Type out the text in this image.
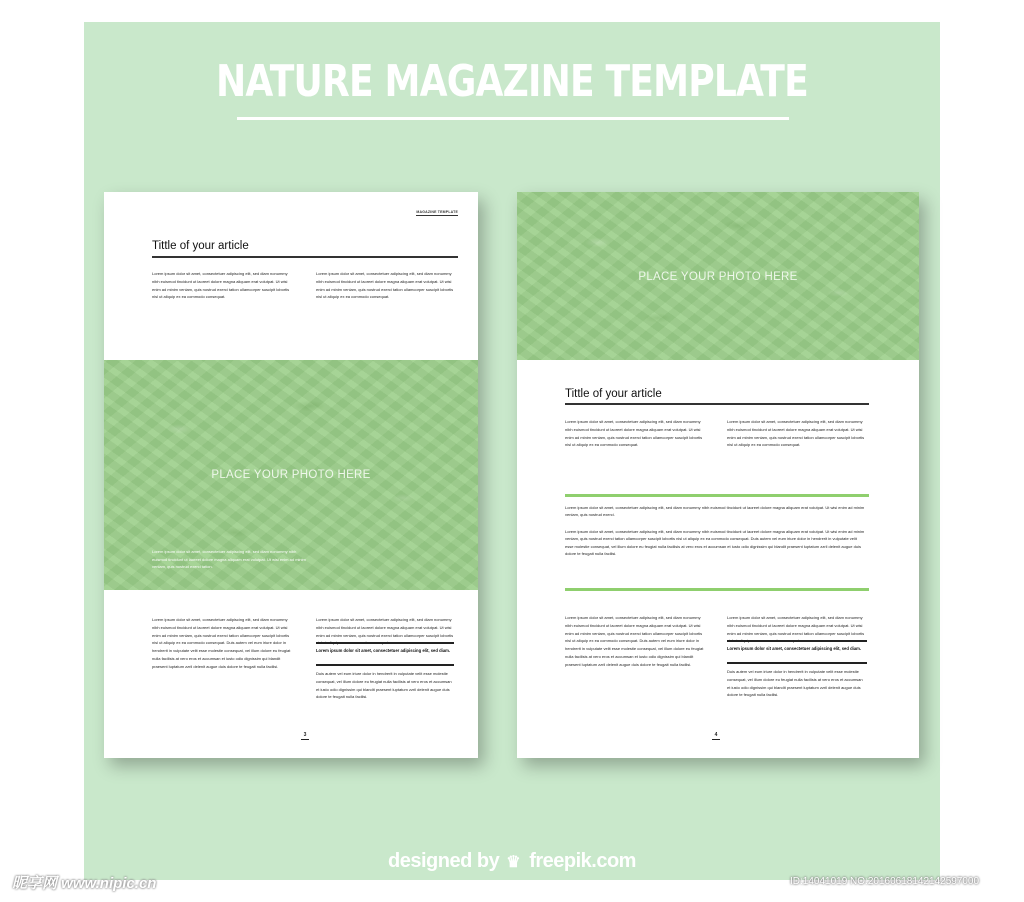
NATURE MAGAZINE TEMPLATE
MAGAZINE TEMPLATE
Tittle of your article
Lorem ipsum dolor sit amet, consectetuer adipiscing elit, sed diam nonummy nibh euismod tincidunt ut laoreet dolore magna aliquam erat volutpat. Ut wisi enim ad minim veniam, quis nostrud exerci tation ullamcorper suscipit lobortis nisl ut aliquip ex ea commodo consequat.
Lorem ipsum dolor sit amet, consectetuer adipiscing elit, sed diam nonummy nibh euismod tincidunt ut laoreet dolore magna aliquam erat volutpat. Ut wisi enim ad minim veniam, quis nostrud exerci tation ullamcorper suscipit lobortis nisl ut aliquip ex ea commodo consequat.
PLACE YOUR PHOTO HERE
Lorem ipsum dolor sit amet, consectetuer adipiscing elit, sed diam nonummy nibh euismod tincidunt ut laoreet dolore magna aliquam erat volutpat. Ut wisi enim ad minim veniam, quis nostrud exerci tation.
Lorem ipsum dolor sit amet, consectetuer adipiscing elit, sed diam nonummy nibh euismod tincidunt ut laoreet dolore magna aliquam erat volutpat. Ut wisi enim ad minim veniam, quis nostrud exerci tation ullamcorper suscipit lobortis nisl ut aliquip ex ea commodo consequat. Duis autem vel eum iriure dolor in hendrerit in vulputate velit esse molestie consequat, vel illum dolore eu feugiat nulla facilisis at vero eros et accumsan et iusto odio dignissim qui blandit praesent luptatum zzril delenit augue duis dolore te feugait nulla facilisi.
Lorem ipsum dolor sit amet, consectetuer adipiscing elit, sed diam nonummy nibh euismod tincidunt ut laoreet dolore magna aliquam erat volutpat. Ut wisi enim ad minim veniam, quis nostrud exerci tation ullamcorper suscipit lobortis
Lorem ipsum dolor sit amet, consectetuer adipiscing elit, sed diam.
Duis autem vel eum iriure dolor in hendrerit in vulputate velit esse molestie consequat, vel illum dolore eu feugiat nulla facilisis at vero eros et accumsan et iusto odio dignissim qui blandit praesent luptatum zzril delenit augue duis dolore te feugait nulla facilisi.
3
PLACE YOUR PHOTO HERE
Tittle of your article
Lorem ipsum dolor sit amet, consectetuer adipiscing elit, sed diam nonummy nibh euismod tincidunt ut laoreet dolore magna aliquam erat volutpat. Ut wisi enim ad minim veniam, quis nostrud exerci tation ullamcorper suscipit lobortis nisl ut aliquip ex ea commodo consequat.
Lorem ipsum dolor sit amet, consectetuer adipiscing elit, sed diam nonummy nibh euismod tincidunt ut laoreet dolore magna aliquam erat volutpat. Ut wisi enim ad minim veniam, quis nostrud exerci tation ullamcorper suscipit lobortis nisl ut aliquip ex ea commodo consequat.
Lorem ipsum dolor sit amet, consectetuer adipiscing elit, sed diam nonummy nibh euismod tincidunt ut laoreet dolore magna aliquam erat volutpat. Ut wisi enim ad minim veniam, quis nostrud exerci.
Lorem ipsum dolor sit amet, consectetuer adipiscing elit, sed diam nonummy nibh euismod tincidunt ut laoreet dolore magna aliquam erat volutpat. Ut wisi enim ad minim veniam, quis nostrud exerci tation ullamcorper suscipit lobortis nisl ut aliquip ex ea commodo consequat. Duis autem vel eum iriure dolor in hendrerit in vulputate velit esse molestie consequat, vel illum dolore eu feugiat nulla facilisis at vero eros et accumsan et iusto odio dignissim qui blandit praesent luptatum zzril delenit augue duis dolore te feugait nulla facilisi.
Lorem ipsum dolor sit amet, consectetuer adipiscing elit, sed diam nonummy nibh euismod tincidunt ut laoreet dolore magna aliquam erat volutpat. Ut wisi enim ad minim veniam, quis nostrud exerci tation ullamcorper suscipit lobortis nisl ut aliquip ex ea commodo consequat. Duis autem vel eum iriure dolor in hendrerit in vulputate velit esse molestie consequat, vel illum dolore eu feugiat nulla facilisis at vero eros et accumsan et iusto odio dignissim qui blandit praesent luptatum zzril delenit augue duis dolore te feugait nulla facilisi.
Lorem ipsum dolor sit amet, consectetuer adipiscing elit, sed diam nonummy nibh euismod tincidunt ut laoreet dolore magna aliquam erat volutpat. Ut wisi enim ad minim veniam, quis nostrud exerci tation ullamcorper suscipit lobortis
Lorem ipsum dolor sit amet, consectetuer adipiscing elit, sed diam.
Duis autem vel eum iriure dolor in hendrerit in vulputate velit esse molestie consequat, vel illum dolore eu feugiat nulla facilisis at vero eros et accumsan et iusto odio dignissim qui blandit praesent luptatum zzril delenit augue duis dolore te feugait nulla facilisi.
4
designed by ♛ freepik.com
昵享网 www.nipic.cn	ID:14041019 NO:20160618142142597000
